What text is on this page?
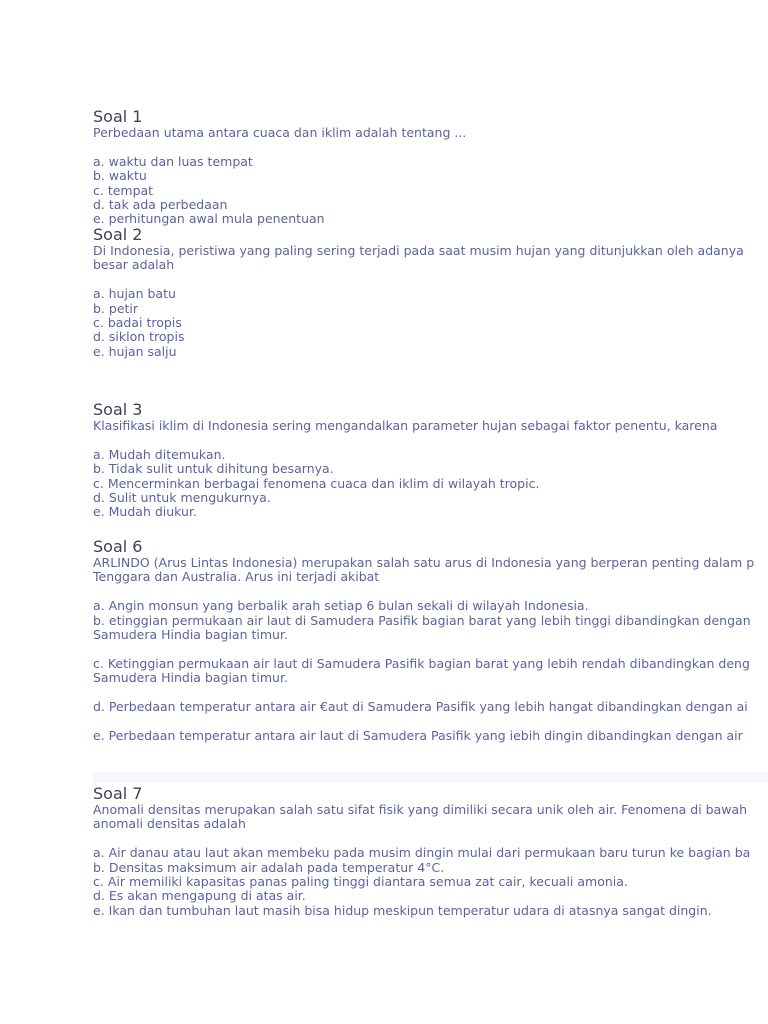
Soal 1
Perbedaan utama antara cuaca dan iklim adalah tentang ...
a. waktu dan luas tempat
b. waktu
c. tempat
d. tak ada perbedaan
e. perhitungan awal mula penentuan
Soal 2
Di Indonesia, peristiwa yang paling sering terjadi pada saat musim hujan yang ditunjukkan oleh adanya
besar adalah
a. hujan batu
b. petir
c. badai tropis
d. siklon tropis
e. hujan salju
Soal 3
Klasifikasi iklim di Indonesia sering mengandalkan parameter hujan sebagai faktor penentu, karena
a. Mudah ditemukan.
b. Tidak sulit untuk dihitung besarnya.
c. Mencerminkan berbagai fenomena cuaca dan iklim di wilayah tropic.
d. Sulit untuk mengukurnya.
e. Mudah diukur.
Soal 6
ARLINDO (Arus Lintas Indonesia) merupakan salah satu arus di Indonesia yang berperan penting dalam p
Tenggara dan Australia. Arus ini terjadi akibat
a. Angin monsun yang berbalik arah setiap 6 bulan sekali di wilayah Indonesia.
b. etinggian permukaan air laut di Samudera Pasifik bagian barat yang lebih tinggi dibandingkan dengan
Samudera Hindia bagian timur.
c. Ketinggian permukaan air laut di Samudera Pasifik bagian barat yang lebih rendah dibandingkan deng
Samudera Hindia bagian timur.
d. Perbedaan temperatur antara air €aut di Samudera Pasifik yang lebih hangat dibandingkan dengan ai
e. Perbedaan temperatur antara air laut di Samudera Pasifik yang iebih dingin dibandingkan dengan air
Soal 7
Anomali densitas merupakan salah satu sifat fisik yang dimiliki secara unik oleh air. Fenomena di bawah
anomali densitas adalah
a. Air danau atau laut akan membeku pada musim dingin mulai dari permukaan baru turun ke bagian ba
b. Densitas maksimum air adalah pada temperatur 4°C.
c. Air memiliki kapasitas panas paling tinggi diantara semua zat cair, kecuali amonia.
d. Es akan mengapung di atas air.
e. Ikan dan tumbuhan laut masih bisa hidup meskipun temperatur udara di atasnya sangat dingin.
